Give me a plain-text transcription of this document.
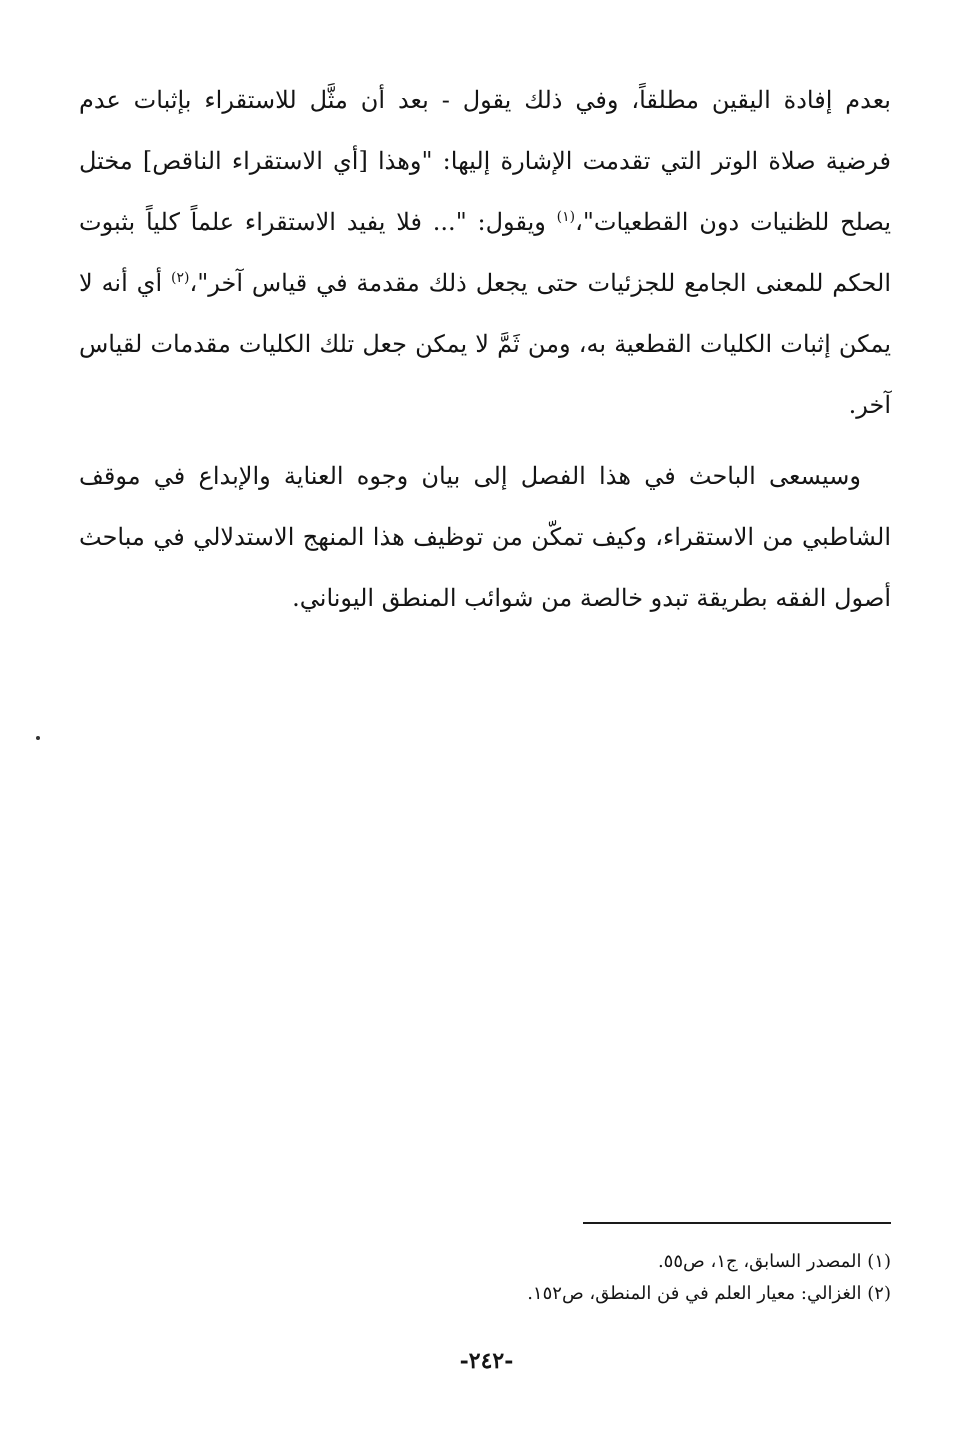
بعدم إفادة اليقين مطلقاً، وفي ذلك يقول - بعد أن مثَّل للاستقراء بإثبات عدم فرضية صلاة الوتر التي تقدمت الإشارة إليها: "وهذا [أي الاستقراء الناقص] مختل يصلح للظنيات دون القطعيات"،$^{(١)}$ ويقول: "... فلا يفيد الاستقراء علماً كلياً بثبوت الحكم للمعنى الجامع للجزئيات حتى يجعل ذلك مقدمة في قياس آخر"،$^{(٢)}$ أي أنه لا يمكن إثبات الكليات القطعية به، ومن ثَمَّ لا يمكن جعل تلك الكليات مقدمات لقياس آخر.

وسيسعى الباحث في هذا الفصل إلى بيان وجوه العناية والإبداع في موقف الشاطبي من الاستقراء، وكيف تمكّن من توظيف هذا المنهج الاستدلالي في مباحث أصول الفقه بطريقة تبدو خالصة من شوائب المنطق اليوناني.

(١) المصدر السابق، ج١، ص٥٥.
(٢) الغزالي: معيار العلم في فن المنطق، ص١٥٢.
-٢٤٢-
